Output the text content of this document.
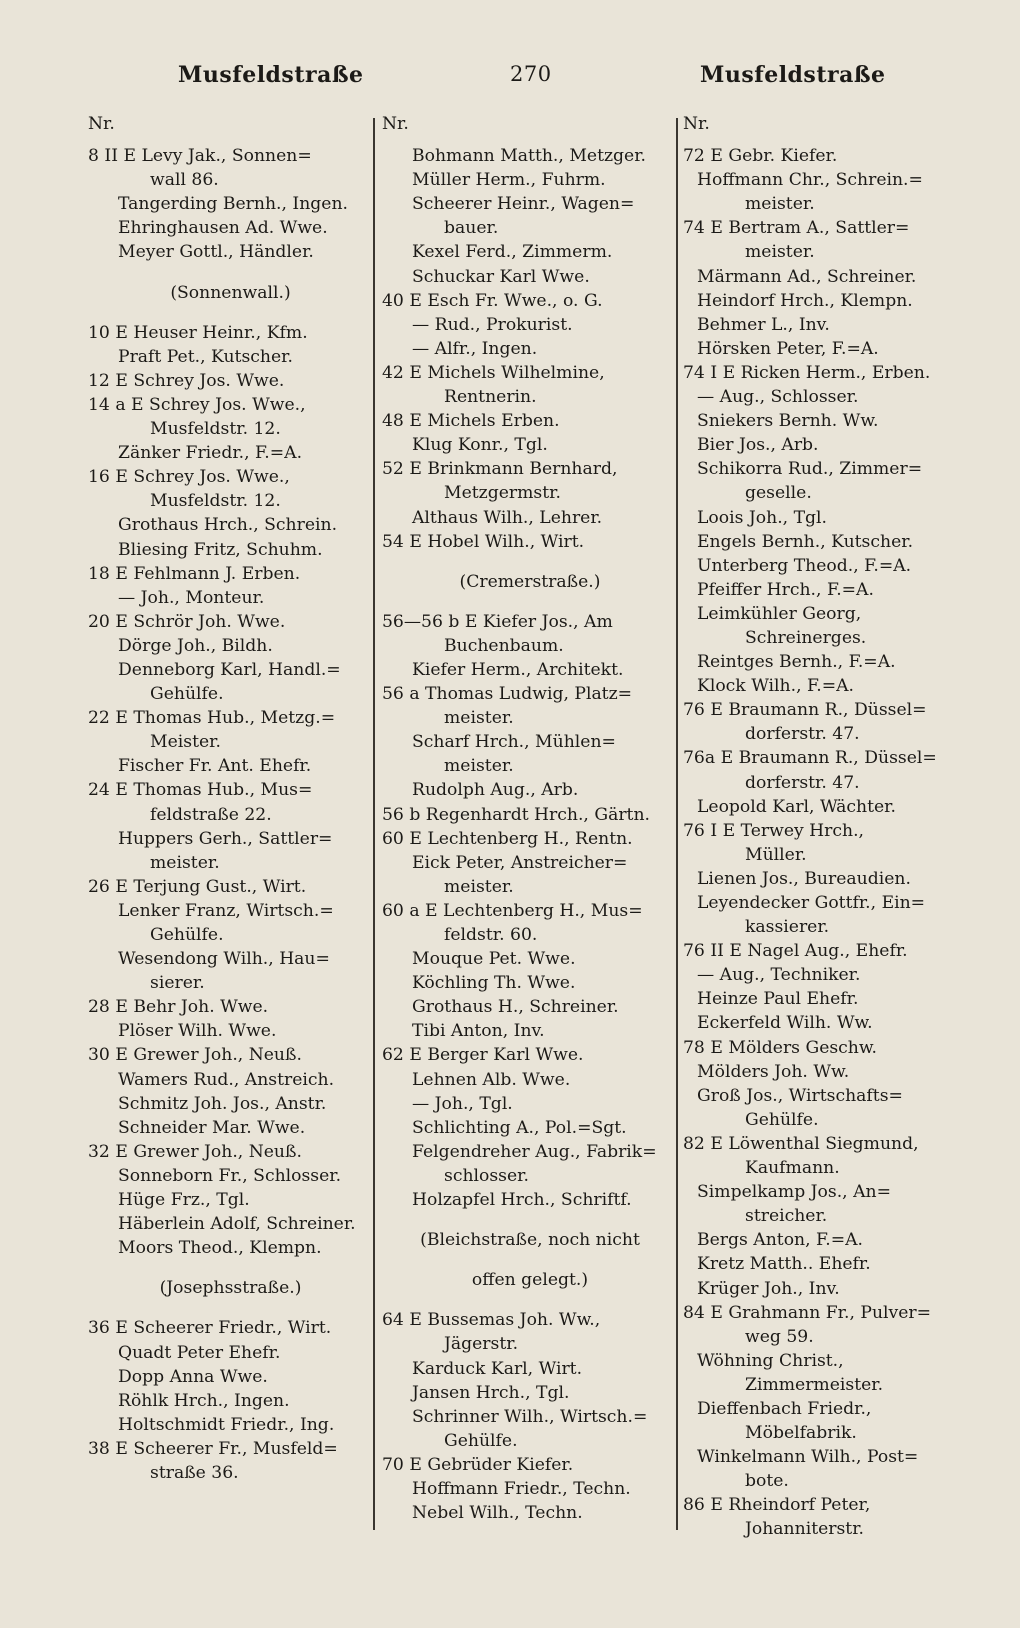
Musfeldstraße	270	Musfeldstraße
Nr.
8 II E Levy Jak., Sonnen=
wall 86.
Tangerding Bernh., Ingen.
Ehringhausen Ad. Wwe.
Meyer Gottl., Händler.
(Sonnenwall.)
10 E Heuser Heinr., Kfm.
Praft Pet., Kutscher.
12 E Schrey Jos. Wwe.
14 a E Schrey Jos. Wwe.,
Musfeldstr. 12.
Zänker Friedr., F.=A.
16 E Schrey Jos. Wwe.,
Musfeldstr. 12.
Grothaus Hrch., Schrein.
Bliesing Fritz, Schuhm.
18 E Fehlmann J. Erben.
— Joh., Monteur.
20 E Schrör Joh. Wwe.
Dörge Joh., Bildh.
Denneborg Karl, Handl.=
Gehülfe.
22 E Thomas Hub., Metzg.=
Meister.
Fischer Fr. Ant. Ehefr.
24 E Thomas Hub., Mus=
feldstraße 22.
Huppers Gerh., Sattler=
meister.
26 E Terjung Gust., Wirt.
Lenker Franz, Wirtsch.=
Gehülfe.
Wesendong Wilh., Hau=
sierer.
28 E Behr Joh. Wwe.
Plöser Wilh. Wwe.
30 E Grewer Joh., Neuß.
Wamers Rud., Anstreich.
Schmitz Joh. Jos., Anstr.
Schneider Mar. Wwe.
32 E Grewer Joh., Neuß.
Sonneborn Fr., Schlosser.
Hüge Frz., Tgl.
Häberlein Adolf, Schreiner.
Moors Theod., Klempn.
(Josephsstraße.)
36 E Scheerer Friedr., Wirt.
Quadt Peter Ehefr.
Dopp Anna Wwe.
Röhlk Hrch., Ingen.
Holtschmidt Friedr., Ing.
38 E Scheerer Fr., Musfeld=
straße 36.
Nr.
Bohmann Matth., Metzger.
Müller Herm., Fuhrm.
Scheerer Heinr., Wagen=
bauer.
Kexel Ferd., Zimmerm.
Schuckar Karl Wwe.
40 E Esch Fr. Wwe., o. G.
— Rud., Prokurist.
— Alfr., Ingen.
42 E Michels Wilhelmine,
Rentnerin.
48 E Michels Erben.
Klug Konr., Tgl.
52 E Brinkmann Bernhard,
Metzgermstr.
Althaus Wilh., Lehrer.
54 E Hobel Wilh., Wirt.
(Cremerstraße.)
56—56 b E Kiefer Jos., Am
Buchenbaum.
Kiefer Herm., Architekt.
56 a Thomas Ludwig, Platz=
meister.
Scharf Hrch., Mühlen=
meister.
Rudolph Aug., Arb.
56 b Regenhardt Hrch., Gärtn.
60 E Lechtenberg H., Rentn.
Eick Peter, Anstreicher=
meister.
60 a E Lechtenberg H., Mus=
feldstr. 60.
Mouque Pet. Wwe.
Köchling Th. Wwe.
Grothaus H., Schreiner.
Tibi Anton, Inv.
62 E Berger Karl Wwe.
Lehnen Alb. Wwe.
— Joh., Tgl.
Schlichting A., Pol.=Sgt.
Felgendreher Aug., Fabrik=
schlosser.
Holzapfel Hrch., Schriftf.
(Bleichstraße, noch nicht
offen gelegt.)
64 E Bussemas Joh. Ww.,
Jägerstr.
Karduck Karl, Wirt.
Jansen Hrch., Tgl.
Schrinner Wilh., Wirtsch.=
Gehülfe.
70 E Gebrüder Kiefer.
Hoffmann Friedr., Techn.
Nebel Wilh., Techn.
Nr.
72 E Gebr. Kiefer.
Hoffmann Chr., Schrein.=
meister.
74 E Bertram A., Sattler=
meister.
Märmann Ad., Schreiner.
Heindorf Hrch., Klempn.
Behmer L., Inv.
Hörsken Peter, F.=A.
74 I E Ricken Herm., Erben.
— Aug., Schlosser.
Sniekers Bernh. Ww.
Bier Jos., Arb.
Schikorra Rud., Zimmer=
geselle.
Loois Joh., Tgl.
Engels Bernh., Kutscher.
Unterberg Theod., F.=A.
Pfeiffer Hrch., F.=A.
Leimkühler Georg,
Schreinerges.
Reintges Bernh., F.=A.
Klock Wilh., F.=A.
76 E Braumann R., Düssel=
dorferstr. 47.
76a E Braumann R., Düssel=
dorferstr. 47.
Leopold Karl, Wächter.
76 I E Terwey Hrch.,
Müller.
Lienen Jos., Bureaudien.
Leyendecker Gottfr., Ein=
kassierer.
76 II E Nagel Aug., Ehefr.
— Aug., Techniker.
Heinze Paul Ehefr.
Eckerfeld Wilh. Ww.
78 E Mölders Geschw.
Mölders Joh. Ww.
Groß Jos., Wirtschafts=
Gehülfe.
82 E Löwenthal Siegmund,
Kaufmann.
Simpelkamp Jos., An=
streicher.
Bergs Anton, F.=A.
Kretz Matth.. Ehefr.
Krüger Joh., Inv.
84 E Grahmann Fr., Pulver=
weg 59.
Wöhning Christ.,
Zimmermeister.
Dieffenbach Friedr.,
Möbelfabrik.
Winkelmann Wilh., Post=
bote.
86 E Rheindorf Peter,
Johanniterstr.
